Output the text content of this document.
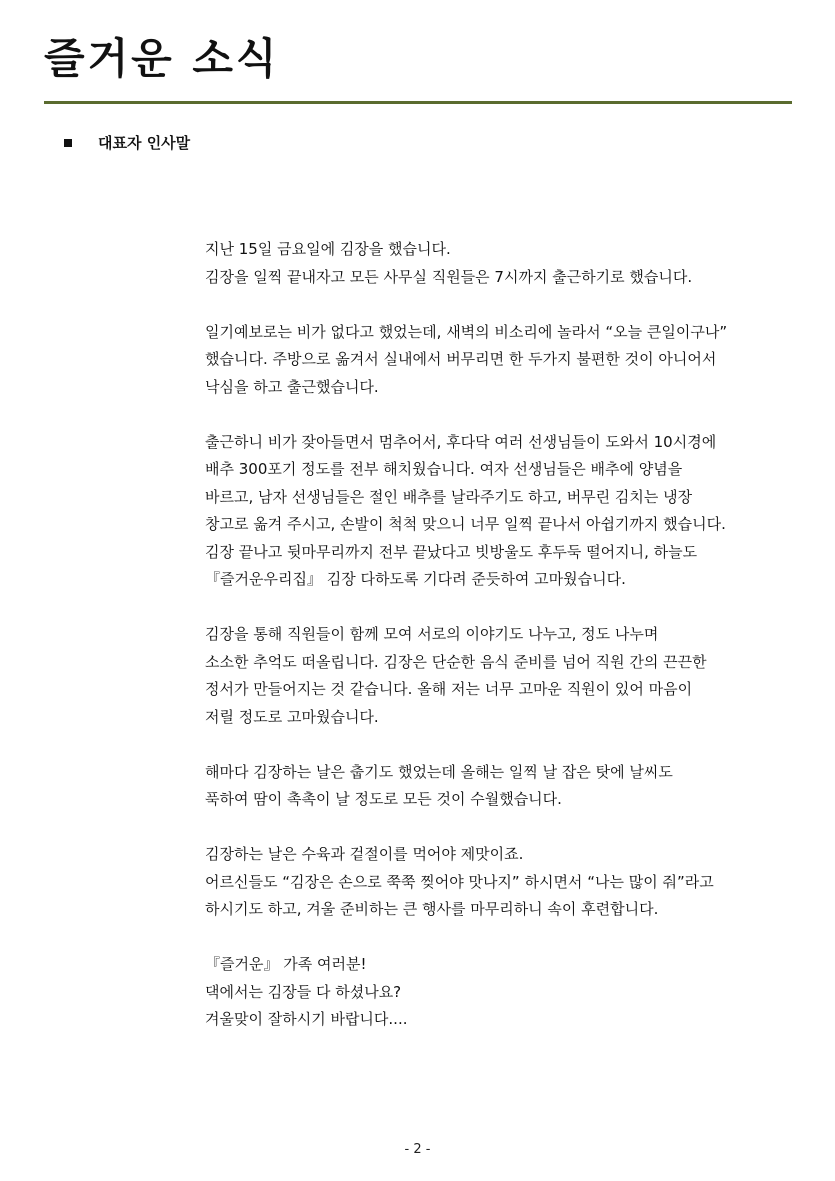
즐거운 소식
대표자 인사말

지난 15일 금요일에 김장을 했습니다.
김장을 일찍 끝내자고 모든 사무실 직원들은 7시까지 출근하기로 했습니다.

일기예보로는 비가 없다고 했었는데, 새벽의 비소리에 놀라서 “오늘 큰일이구나”
했습니다. 주방으로 옮겨서 실내에서 버무리면 한 두가지 불편한 것이 아니어서
낙심을 하고 출근했습니다.

출근하니 비가 잦아들면서 멈추어서, 후다닥 여러 선생님들이 도와서 10시경에
배추 300포기 정도를 전부 해치웠습니다. 여자 선생님들은 배추에 양념을
바르고, 남자 선생님들은 절인 배추를 날라주기도 하고, 버무린 김치는 냉장
창고로 옮겨 주시고, 손발이 척척 맞으니 너무 일찍 끝나서 아쉽기까지 했습니다.
김장 끝나고 뒷마무리까지 전부 끝났다고 빗방울도 후두둑 떨어지니, 하늘도
『즐거운우리집』 김장 다하도록 기다려 준듯하여 고마웠습니다.

김장을 통해 직원들이 함께 모여 서로의 이야기도 나누고, 정도 나누며
소소한 추억도 떠올립니다. 김장은 단순한 음식 준비를 넘어 직원 간의 끈끈한
정서가 만들어지는 것 같습니다. 올해 저는 너무 고마운 직원이 있어 마음이
저릴 정도로 고마웠습니다.

해마다 김장하는 날은 춥기도 했었는데 올해는 일찍 날 잡은 탓에 날씨도
푹하여 땀이 촉촉이 날 정도로 모든 것이 수월했습니다.

김장하는 날은 수육과 겉절이를 먹어야 제맛이죠.
어르신들도 “김장은 손으로 쭉쭉 찢어야 맛나지” 하시면서 “나는 많이 줘”라고
하시기도 하고, 겨울 준비하는 큰 행사를 마무리하니 속이 후련합니다.

『즐거운』 가족 여러분!
댁에서는 김장들 다 하셨나요?
겨울맞이 잘하시기 바랍니다....

- 2 -
